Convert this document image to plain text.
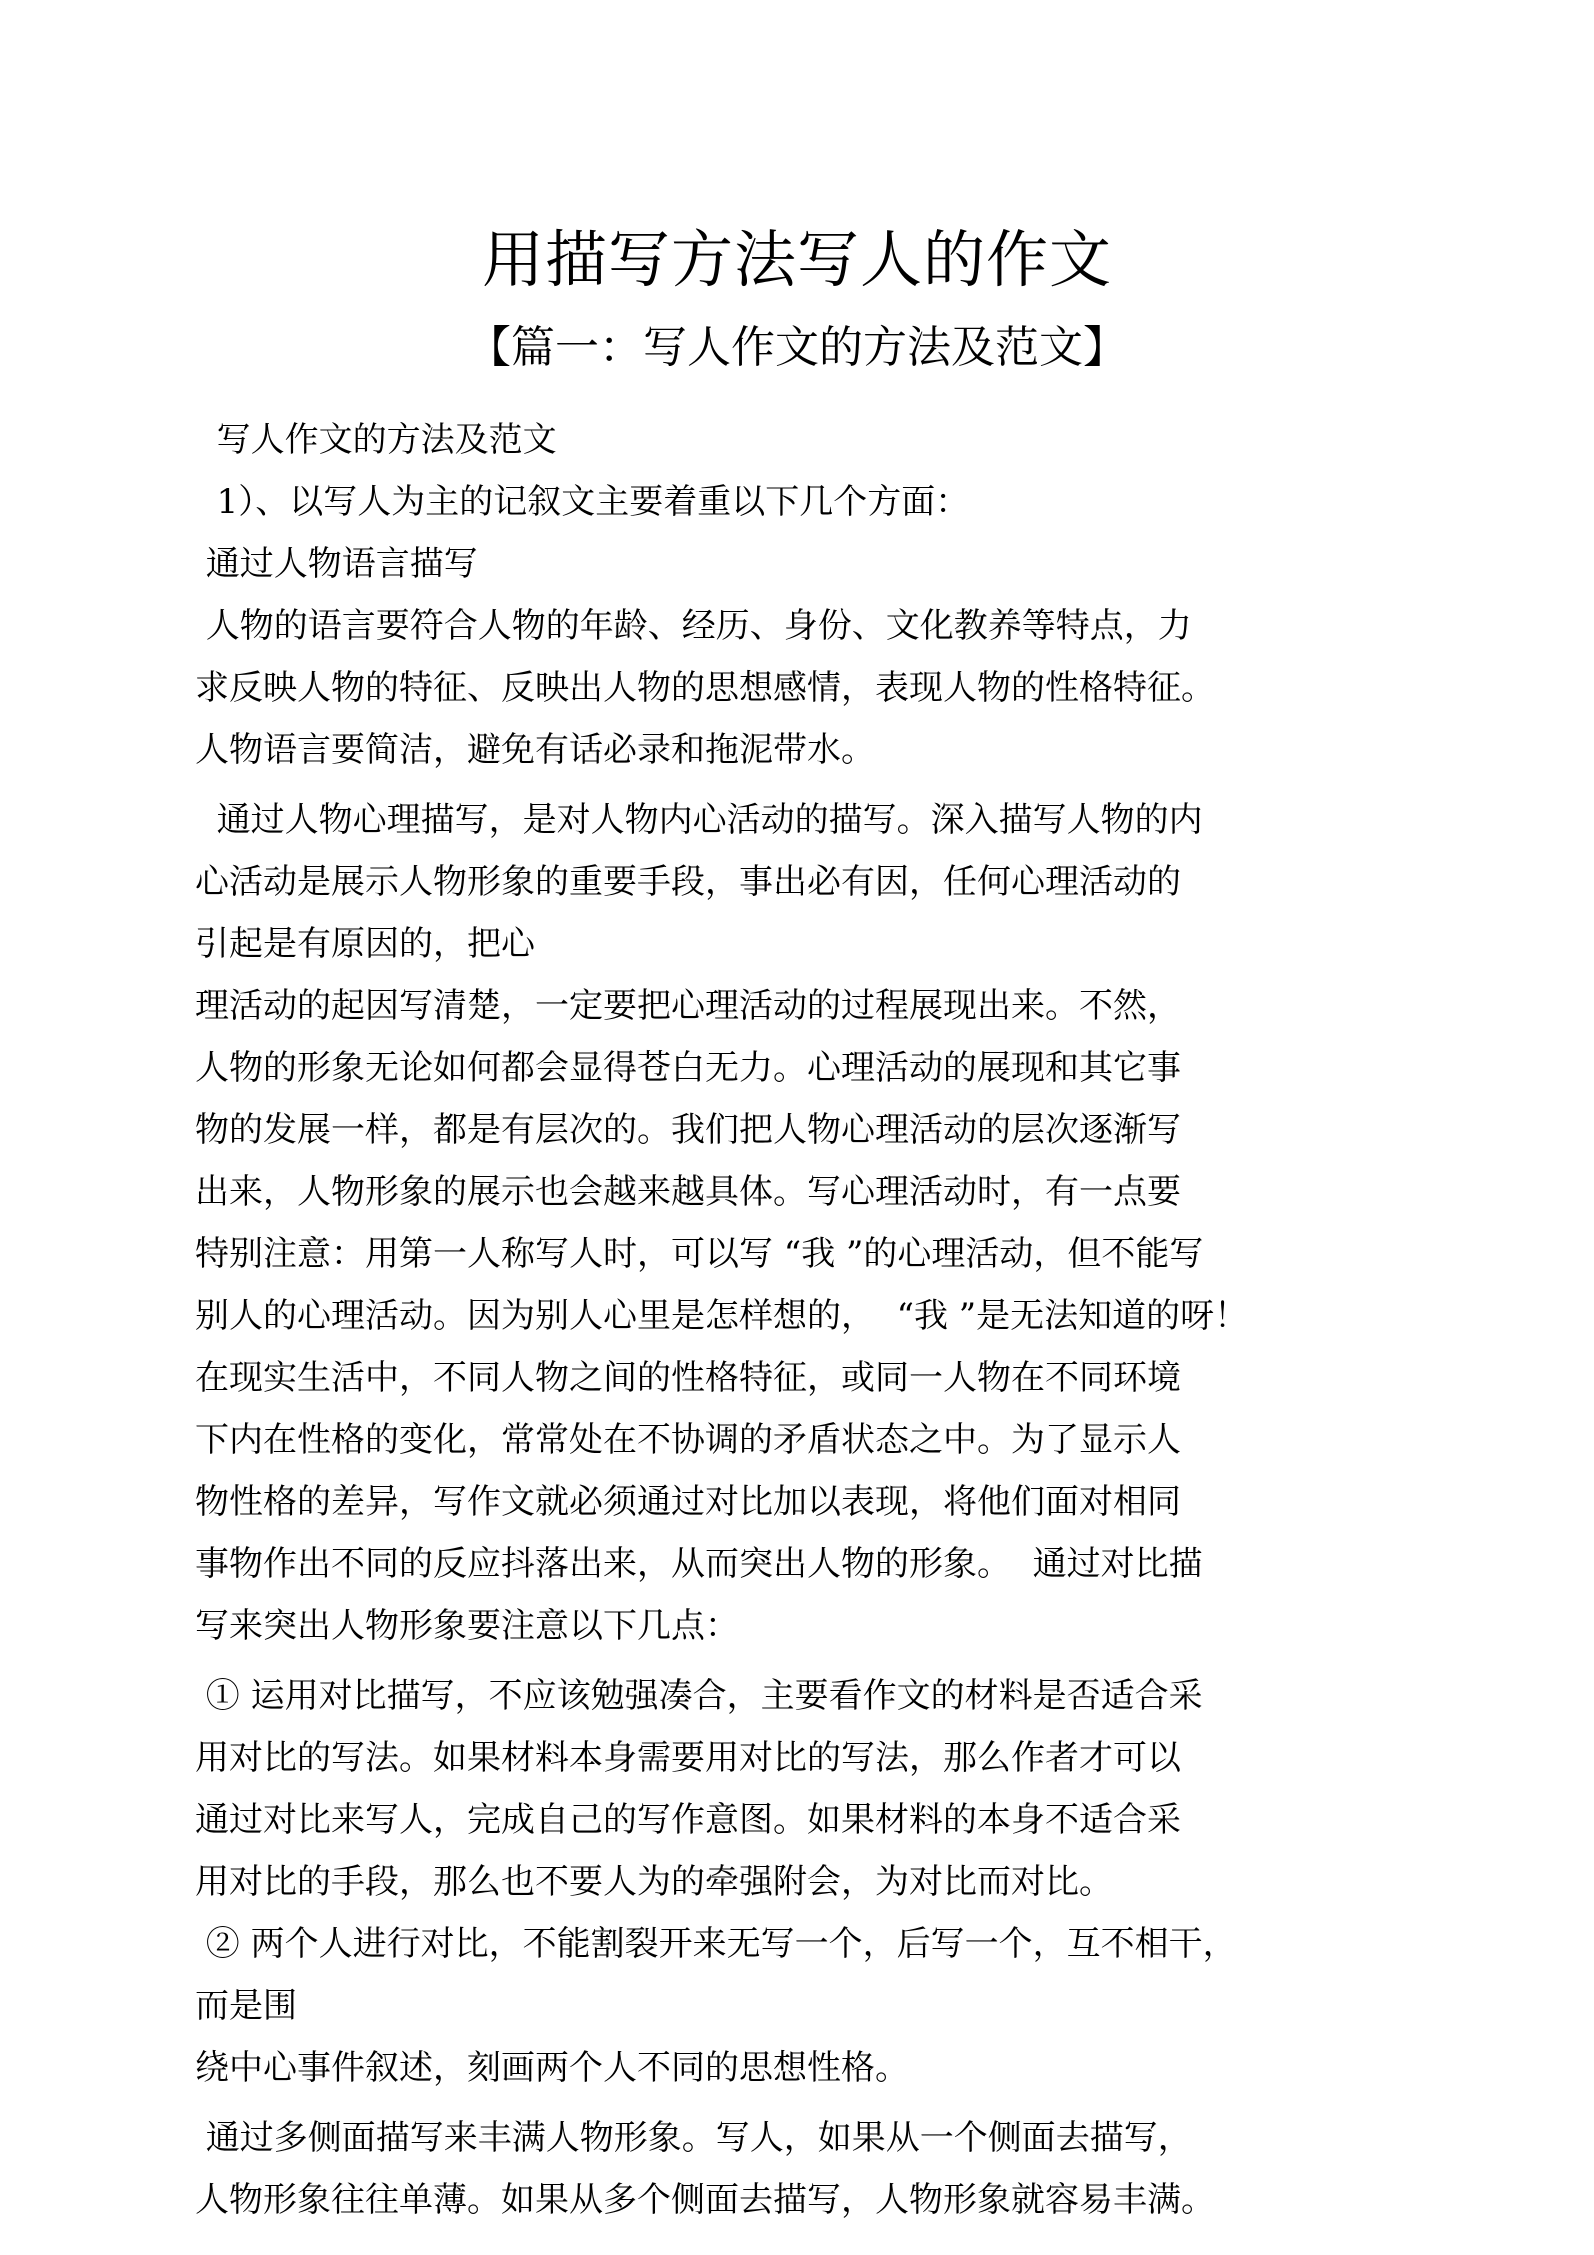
用描写方法写人的作文
【篇一：写人作文的方法及范文】
写人作文的方法及范文
1）、以写人为主的记叙文主要着重以下几个方面：
通过人物语言描写
人物的语言要符合人物的年龄、经历、身份、文化教养等特点，力
求反映人物的特征、反映出人物的思想感情，表现人物的性格特征。
人物语言要简洁，避免有话必录和拖泥带水。
通过人物心理描写，是对人物内心活动的描写。深入描写人物的内
心活动是展示人物形象的重要手段，事出必有因，任何心理活动的
引起是有原因的，把心
理活动的起因写清楚，一定要把心理活动的过程展现出来。不然，
人物的形象无论如何都会显得苍白无力。心理活动的展现和其它事
物的发展一样，都是有层次的。我们把人物心理活动的层次逐渐写
出来，人物形象的展示也会越来越具体。写心理活动时，有一点要
特别注意：用第一人称写人时，可以写 “我 ”的心理活动，但不能写
别人的心理活动。因为别人心里是怎样想的，  “我 ”是无法知道的呀！
在现实生活中，不同人物之间的性格特征，或同一人物在不同环境
下内在性格的变化，常常处在不协调的矛盾状态之中。为了显示人
物性格的差异，写作文就必须通过对比加以表现，将他们面对相同
事物作出不同的反应抖落出来，从而突出人物的形象。  通过对比描
写来突出人物形象要注意以下几点：
① 运用对比描写，不应该勉强凑合，主要看作文的材料是否适合采
用对比的写法。如果材料本身需要用对比的写法，那么作者才可以
通过对比来写人，完成自己的写作意图。如果材料的本身不适合采
用对比的手段，那么也不要人为的牵强附会，为对比而对比。
② 两个人进行对比，不能割裂开来无写一个，后写一个，互不相干，
而是围
绕中心事件叙述，刻画两个人不同的思想性格。
通过多侧面描写来丰满人物形象。写人，如果从一个侧面去描写，
人物形象往往单薄。如果从多个侧面去描写，人物形象就容易丰满。
